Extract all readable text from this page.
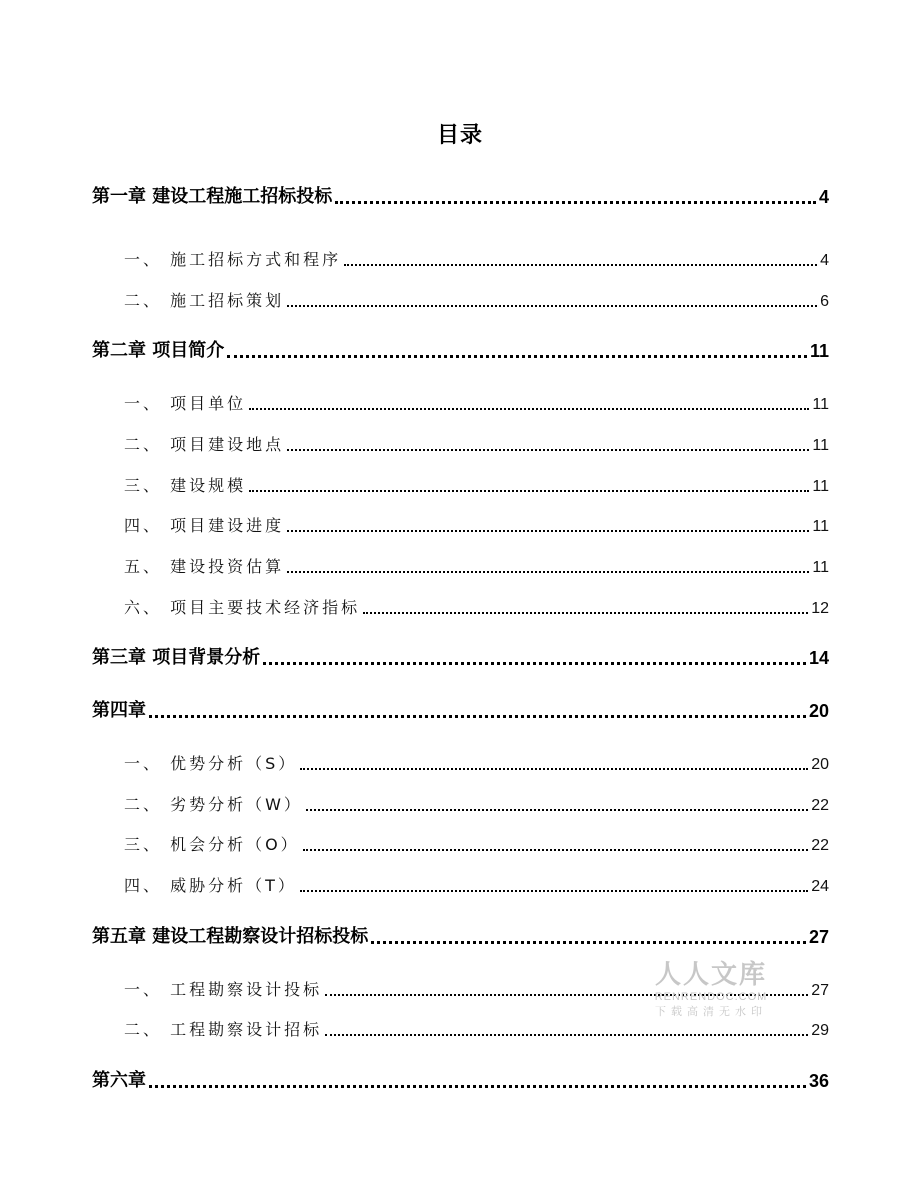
目录
第一章 建设工程施工招标投标	4
一、 施工招标方式和程序	4
二、 施工招标策划	6
第二章 项目简介	11
一、 项目单位	11
二、 项目建设地点	11
三、 建设规模	11
四、 项目建设进度	11
五、 建设投资估算	11
六、 项目主要技术经济指标	12
第三章 项目背景分析	14
第四章	20
一、 优势分析（S）	20
二、 劣势分析（W）	22
三、 机会分析（O）	22
四、 威胁分析（T）	24
第五章 建设工程勘察设计招标投标	27
一、 工程勘察设计投标	27
二、 工程勘察设计招标	29
第六章	36
人人文库
RENRENDOC.COM
下载高清无水印
